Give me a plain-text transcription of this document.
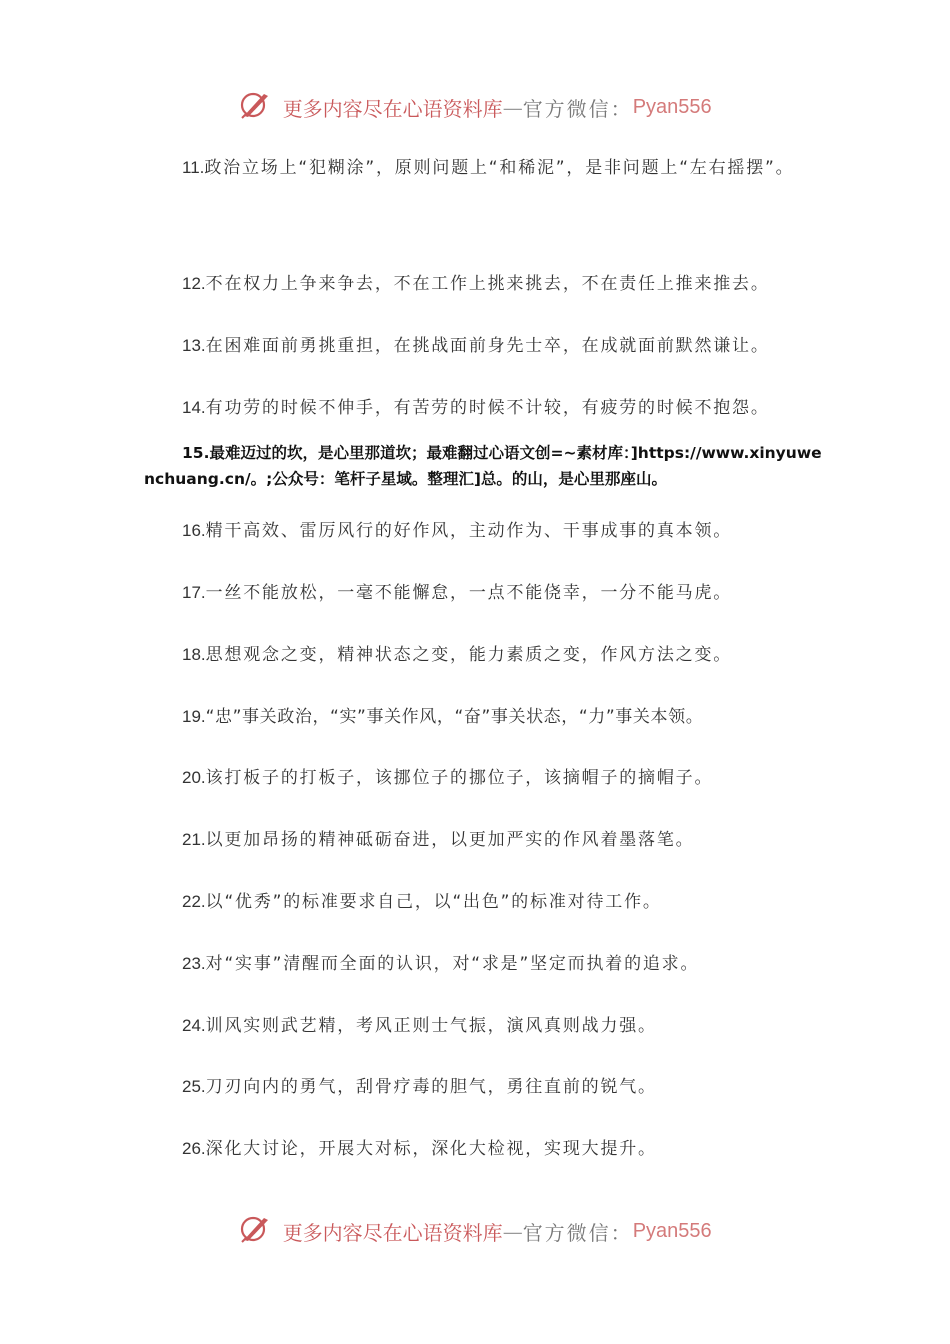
更多内容尽在心语资料库—官方微信：Pyan556
11.政治立场上“犯糊涂”，原则问题上“和稀泥”，是非问题上“左右摇摆”。
12.不在权力上争来争去，不在工作上挑来挑去，不在责任上推来推去。
13.在困难面前勇挑重担，在挑战面前身先士卒，在成就面前默然谦让。
14.有功劳的时候不伸手，有苦劳的时候不计较，有疲劳的时候不抱怨。
15.最难迈过的坎，是心里那道坎；最难翻过心语文创=~素材库：]https://www.xinyuwenchuang.cn/。;公众号：笔杆子星域。整理汇]总。的山，是心里那座山。
16.精干高效、雷厉风行的好作风，主动作为、干事成事的真本领。
17.一丝不能放松，一毫不能懈怠，一点不能侥幸，一分不能马虎。
18.思想观念之变，精神状态之变，能力素质之变，作风方法之变。
19.“忠”事关政治，“实”事关作风，“奋”事关状态，“力”事关本领。
20.该打板子的打板子，该挪位子的挪位子，该摘帽子的摘帽子。
21.以更加昂扬的精神砥砺奋进，以更加严实的作风着墨落笔。
22.以“优秀”的标准要求自己，以“出色”的标准对待工作。
23.对“实事”清醒而全面的认识，对“求是”坚定而执着的追求。
24.训风实则武艺精，考风正则士气振，演风真则战力强。
25.刀刃向内的勇气，刮骨疗毒的胆气，勇往直前的锐气。
26.深化大讨论，开展大对标，深化大检视，实现大提升。
更多内容尽在心语资料库—官方微信：Pyan556
